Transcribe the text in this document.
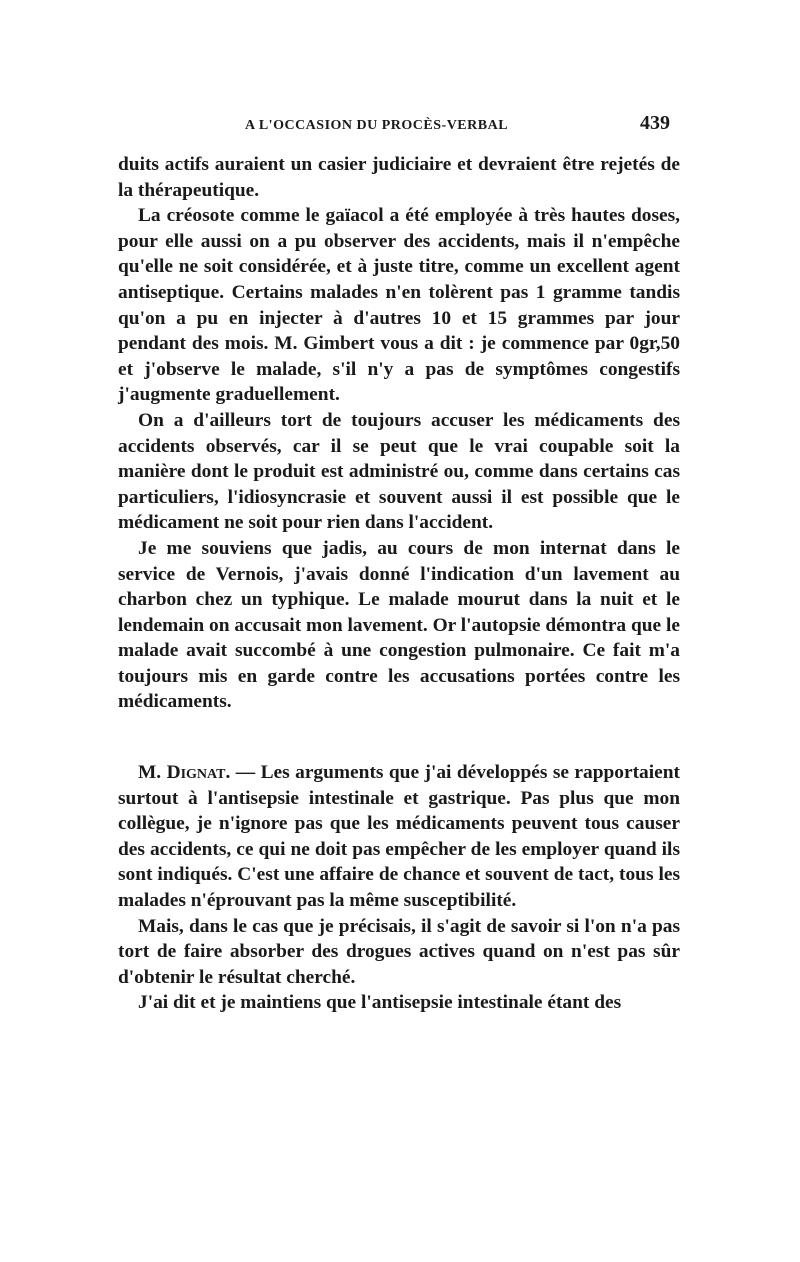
A L'OCCASION DU PROCÈS-VERBAL	439

duits actifs auraient un casier judiciaire et devraient être rejetés de la thérapeutique.

La créosote comme le gaïacol a été employée à très hautes doses, pour elle aussi on a pu observer des accidents, mais il n'empêche qu'elle ne soit considérée, et à juste titre, comme un excellent agent antiseptique. Certains malades n'en tolèrent pas 1 gramme tandis qu'on a pu en injecter à d'autres 10 et 15 grammes par jour pendant des mois. M. Gimbert vous a dit : je commence par 0gr,50 et j'observe le malade, s'il n'y a pas de symptômes congestifs j'augmente graduellement.

On a d'ailleurs tort de toujours accuser les médicaments des accidents observés, car il se peut que le vrai coupable soit la manière dont le produit est administré ou, comme dans certains cas particuliers, l'idiosyncrasie et souvent aussi il est possible que le médicament ne soit pour rien dans l'accident.

Je me souviens que jadis, au cours de mon internat dans le service de Vernois, j'avais donné l'indication d'un lavement au charbon chez un typhique. Le malade mourut dans la nuit et le lendemain on accusait mon lavement. Or l'autopsie démontra que le malade avait succombé à une congestion pulmonaire. Ce fait m'a toujours mis en garde contre les accusations portées contre les médicaments.

M. Dignat. — Les arguments que j'ai développés se rapportaient surtout à l'antisepsie intestinale et gastrique. Pas plus que mon collègue, je n'ignore pas que les médicaments peuvent tous causer des accidents, ce qui ne doit pas empêcher de les employer quand ils sont indiqués. C'est une affaire de chance et souvent de tact, tous les malades n'éprouvant pas la même susceptibilité.

Mais, dans le cas que je précisais, il s'agit de savoir si l'on n'a pas tort de faire absorber des drogues actives quand on n'est pas sûr d'obtenir le résultat cherché.

J'ai dit et je maintiens que l'antisepsie intestinale étant des
